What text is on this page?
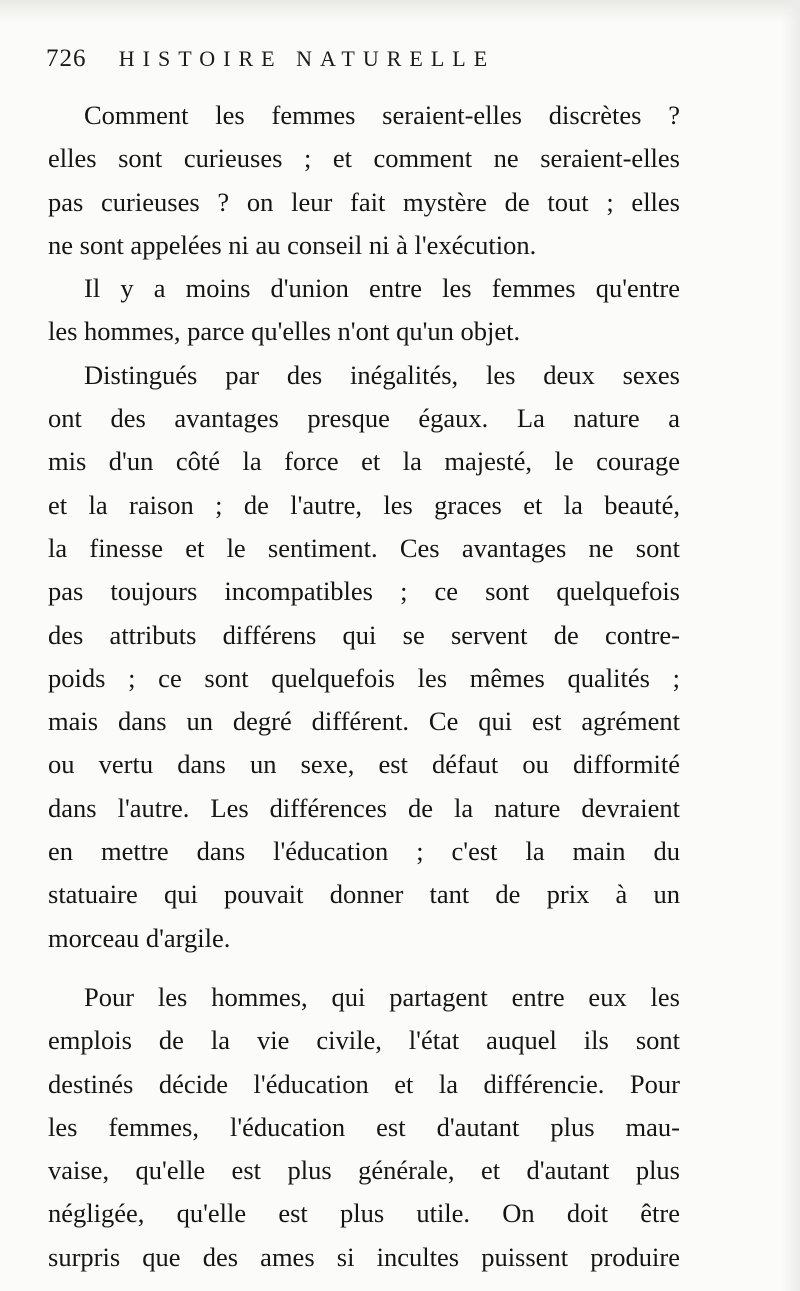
726 HISTOIRE NATURELLE
Comment les femmes seraient-elles discrètes ?
elles sont curieuses ; et comment ne seraient-elles
pas curieuses ? on leur fait mystère de tout ; elles
ne sont appelées ni au conseil ni à l'exécution.
Il y a moins d'union entre les femmes qu'entre
les hommes, parce qu'elles n'ont qu'un objet.
Distingués par des inégalités, les deux sexes
ont des avantages presque égaux. La nature a
mis d'un côté la force et la majesté, le courage
et la raison ; de l'autre, les graces et la beauté,
la finesse et le sentiment. Ces avantages ne sont
pas toujours incompatibles ; ce sont quelquefois
des attributs différens qui se servent de contre-
poids ; ce sont quelquefois les mêmes qualités ;
mais dans un degré différent. Ce qui est agrément
ou vertu dans un sexe, est défaut ou difformité
dans l'autre. Les différences de la nature devraient
en mettre dans l'éducation ; c'est la main du
statuaire qui pouvait donner tant de prix à un
morceau d'argile.
Pour les hommes, qui partagent entre eux les
emplois de la vie civile, l'état auquel ils sont
destinés décide l'éducation et la différencie. Pour
les femmes, l'éducation est d'autant plus mau-
vaise, qu'elle est plus générale, et d'autant plus
négligée, qu'elle est plus utile. On doit être
surpris que des ames si incultes puissent produire
